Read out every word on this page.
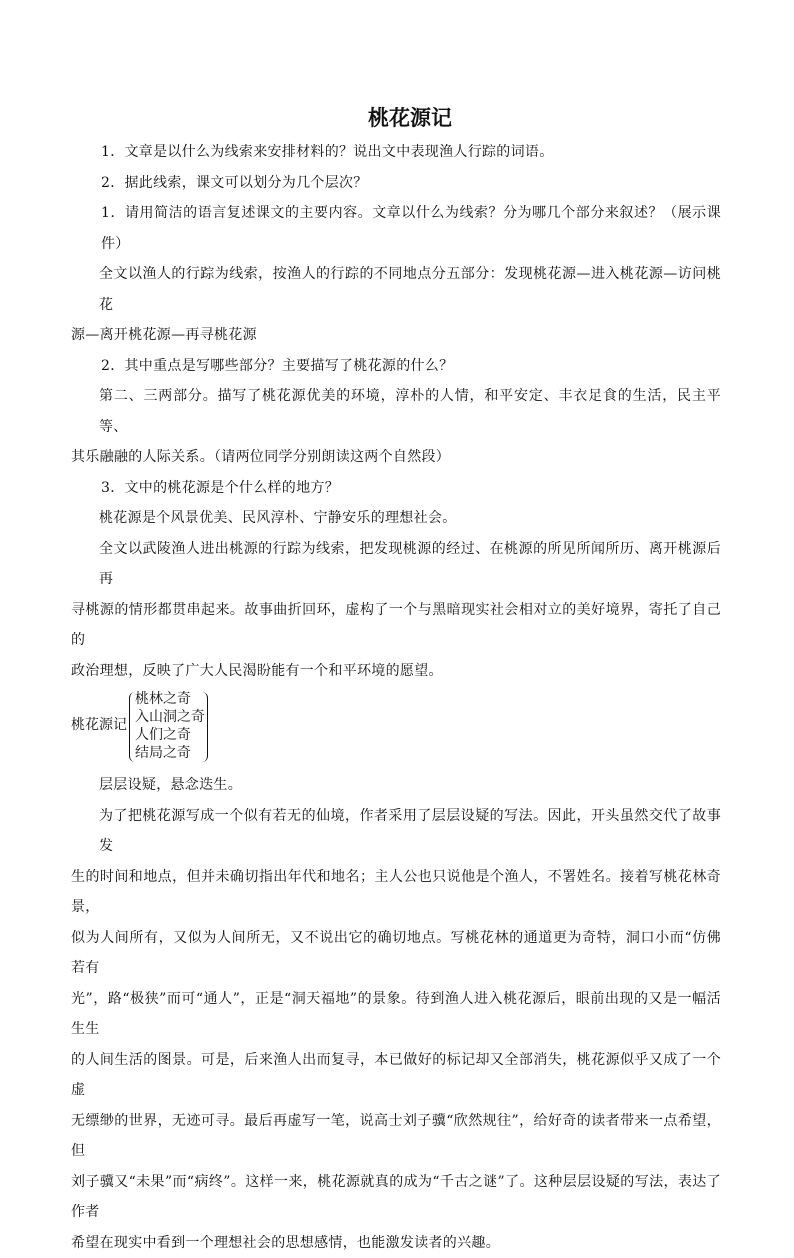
桃花源记

1．文章是以什么为线索来安排材料的？说出文中表现渔人行踪的词语。

2．据此线索，课文可以划分为几个层次？

1．请用简洁的语言复述课文的主要内容。文章以什么为线索？分为哪几个部分来叙述？（展示课件）

全文以渔人的行踪为线索，按渔人的行踪的不同地点分五部分：发现桃花源—进入桃花源—访问桃花

源—离开桃花源—再寻桃花源

2．其中重点是写哪些部分？主要描写了桃花源的什么？

第二、三两部分。描写了桃花源优美的环境，淳朴的人情，和平安定、丰衣足食的生活，民主平等、

其乐融融的人际关系。（请两位同学分别朗读这两个自然段）

3．文中的桃花源是个什么样的地方？

桃花源是个风景优美、民风淳朴、宁静安乐的理想社会。

全文以武陵渔人进出桃源的行踪为线索，把发现桃源的经过、在桃源的所见所闻所历、离开桃源后再

寻桃源的情形都贯串起来。故事曲折回环，虚构了一个与黑暗现实社会相对立的美好境界，寄托了自己的

政治理想，反映了广大人民渴盼能有一个和平环境的愿望。

桃花源记
桃林之奇
入山洞之奇
人们之奇
结局之奇

层层设疑，悬念迭生。

为了把桃花源写成一个似有若无的仙境，作者采用了层层设疑的写法。因此，开头虽然交代了故事发

生的时间和地点，但并未确切指出年代和地名；主人公也只说他是个渔人，不署姓名。接着写桃花林奇景，

似为人间所有，又似为人间所无，又不说出它的确切地点。写桃花林的通道更为奇特，洞口小而“仿佛若有

光”，路“极狭”而可“通人”，正是“洞天福地”的景象。待到渔人进入桃花源后，眼前出现的又是一幅活生生

的人间生活的图景。可是，后来渔人出而复寻，本已做好的标记却又全部消失，桃花源似乎又成了一个虚

无缥缈的世界，无迹可寻。最后再虚写一笔，说高士刘子骥“欣然规往”，给好奇的读者带来一点希望，但

刘子骥又“未果”而“病终”。这样一来，桃花源就真的成为“千古之谜”了。这种层层设疑的写法，表达了作者

希望在现实中看到一个理想社会的思想感情，也能激发读者的兴趣。
